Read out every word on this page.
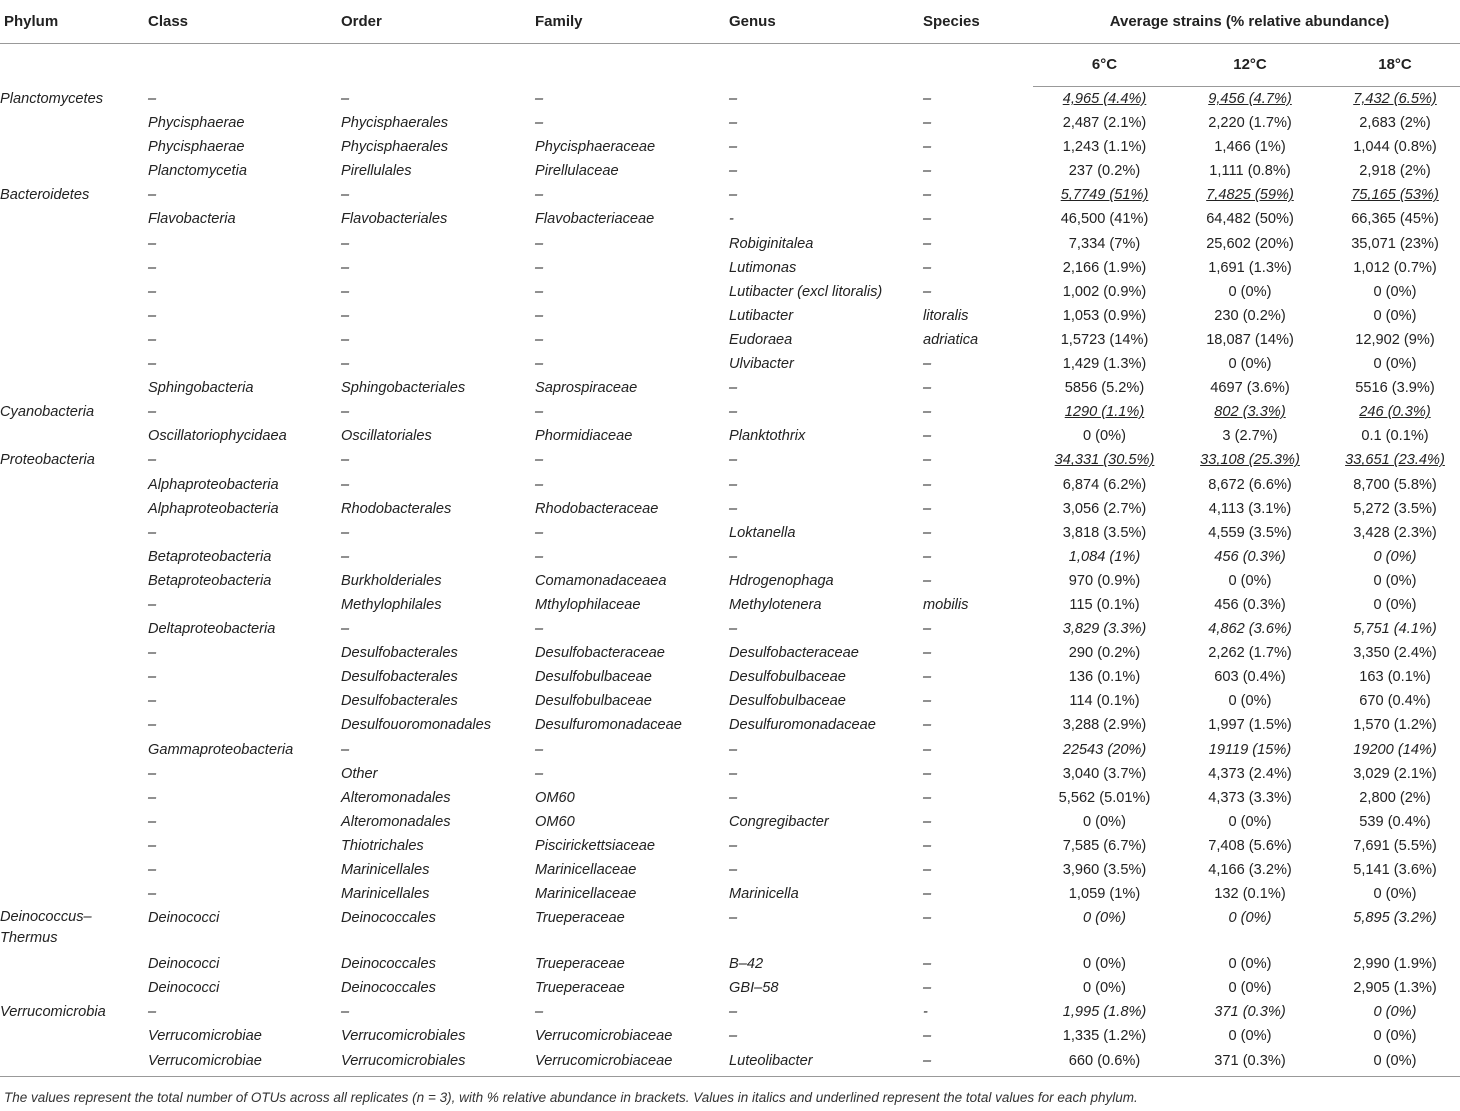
Phylum	Class	Order	Family	Genus	Species	Average strains (% relative abundance)		
						6°C	12°C	18°C
Planctomycetes	–	–	–	–	–	4,965 (4.4%)	9,456 (4.7%)	7,432 (6.5%)
	Phycisphaerae	Phycisphaerales	–	–	–	2,487 (2.1%)	2,220 (1.7%)	2,683 (2%)
	Phycisphaerae	Phycisphaerales	Phycisphaeraceae	–	–	1,243 (1.1%)	1,466 (1%)	1,044 (0.8%)
	Planctomycetia	Pirellulales	Pirellulaceae	–	–	237 (0.2%)	1,111 (0.8%)	2,918 (2%)
Bacteroidetes	–	–	–	–	–	5,7749 (51%)	7,4825 (59%)	75,165 (53%)
	Flavobacteria	Flavobacteriales	Flavobacteriaceae	-	–	46,500 (41%)	64,482 (50%)	66,365 (45%)
	–	–	–	Robiginitalea	–	7,334 (7%)	25,602 (20%)	35,071 (23%)
	–	–	–	Lutimonas	–	2,166 (1.9%)	1,691 (1.3%)	1,012 (0.7%)
	–	–	–	Lutibacter (excl litoralis)	–	1,002 (0.9%)	0 (0%)	0 (0%)
	–	–	–	Lutibacter	litoralis	1,053 (0.9%)	230 (0.2%)	0 (0%)
	–	–	–	Eudoraea	adriatica	1,5723 (14%)	18,087 (14%)	12,902 (9%)
	–	–	–	Ulvibacter	–	1,429 (1.3%)	0 (0%)	0 (0%)
	Sphingobacteria	Sphingobacteriales	Saprospiraceae	–	–	5856 (5.2%)	4697 (3.6%)	5516 (3.9%)
Cyanobacteria	–	–	–	–	–	1290 (1.1%)	802 (3.3%)	246 (0.3%)
	Oscillatoriophycidaea	Oscillatoriales	Phormidiaceae	Planktothrix	–	0 (0%)	3 (2.7%)	0.1 (0.1%)
Proteobacteria	–	–	–	–	–	34,331 (30.5%)	33,108 (25.3%)	33,651 (23.4%)
	Alphaproteobacteria	–	–	–	–	6,874 (6.2%)	8,672 (6.6%)	8,700 (5.8%)
	Alphaproteobacteria	Rhodobacterales	Rhodobacteraceae	–	–	3,056 (2.7%)	4,113 (3.1%)	5,272 (3.5%)
	–	–	–	Loktanella	–	3,818 (3.5%)	4,559 (3.5%)	3,428 (2.3%)
	Betaproteobacteria	–	–	–	–	1,084 (1%)	456 (0.3%)	0 (0%)
	Betaproteobacteria	Burkholderiales	Comamonadaceaea	Hdrogenophaga	–	970 (0.9%)	0 (0%)	0 (0%)
	–	Methylophilales	Mthylophilaceae	Methylotenera	mobilis	115 (0.1%)	456 (0.3%)	0 (0%)
	Deltaproteobacteria	–	–	–	–	3,829 (3.3%)	4,862 (3.6%)	5,751 (4.1%)
	–	Desulfobacterales	Desulfobacteraceae	Desulfobacteraceae	–	290 (0.2%)	2,262 (1.7%)	3,350 (2.4%)
	–	Desulfobacterales	Desulfobulbaceae	Desulfobulbaceae	–	136 (0.1%)	603 (0.4%)	163 (0.1%)
	–	Desulfobacterales	Desulfobulbaceae	Desulfobulbaceae	–	114 (0.1%)	0 (0%)	670 (0.4%)
	–	Desulfouoromonadales	Desulfuromonadaceae	Desulfuromonadaceae	–	3,288 (2.9%)	1,997 (1.5%)	1,570 (1.2%)
	Gammaproteobacteria	–	–	–	–	22543 (20%)	19119 (15%)	19200 (14%)
	–	Other	–	–	–	3,040 (3.7%)	4,373 (2.4%)	3,029 (2.1%)
	–	Alteromonadales	OM60	–	–	5,562 (5.01%)	4,373 (3.3%)	2,800 (2%)
	–	Alteromonadales	OM60	Congregibacter	–	0 (0%)	0 (0%)	539 (0.4%)
	–	Thiotrichales	Piscirickettsiaceae	–	–	7,585 (6.7%)	7,408 (5.6%)	7,691 (5.5%)
	–	Marinicellales	Marinicellaceae	–	–	3,960 (3.5%)	4,166 (3.2%)	5,141 (3.6%)
	–	Marinicellales	Marinicellaceae	Marinicella	–	1,059 (1%)	132 (0.1%)	0 (0%)
Deinococcus–Thermus	Deinococci	Deinococcales	Trueperaceae	–	–	0 (0%)	0 (0%)	5,895 (3.2%)
	Deinococci	Deinococcales	Trueperaceae	B–42	–	0 (0%)	0 (0%)	2,990 (1.9%)
	Deinococci	Deinococcales	Trueperaceae	GBI–58	–	0 (0%)	0 (0%)	2,905 (1.3%)
Verrucomicrobia	–	–	–	–	-	1,995 (1.8%)	371 (0.3%)	0 (0%)
	Verrucomicrobiae	Verrucomicrobiales	Verrucomicrobiaceae	–	–	1,335 (1.2%)	0 (0%)	0 (0%)
	Verrucomicrobiae	Verrucomicrobiales	Verrucomicrobiaceae	Luteolibacter	–	660 (0.6%)	371 (0.3%)	0 (0%)
The values represent the total number of OTUs across all replicates (n = 3), with % relative abundance in brackets. Values in italics and underlined represent the total values for each phylum.
